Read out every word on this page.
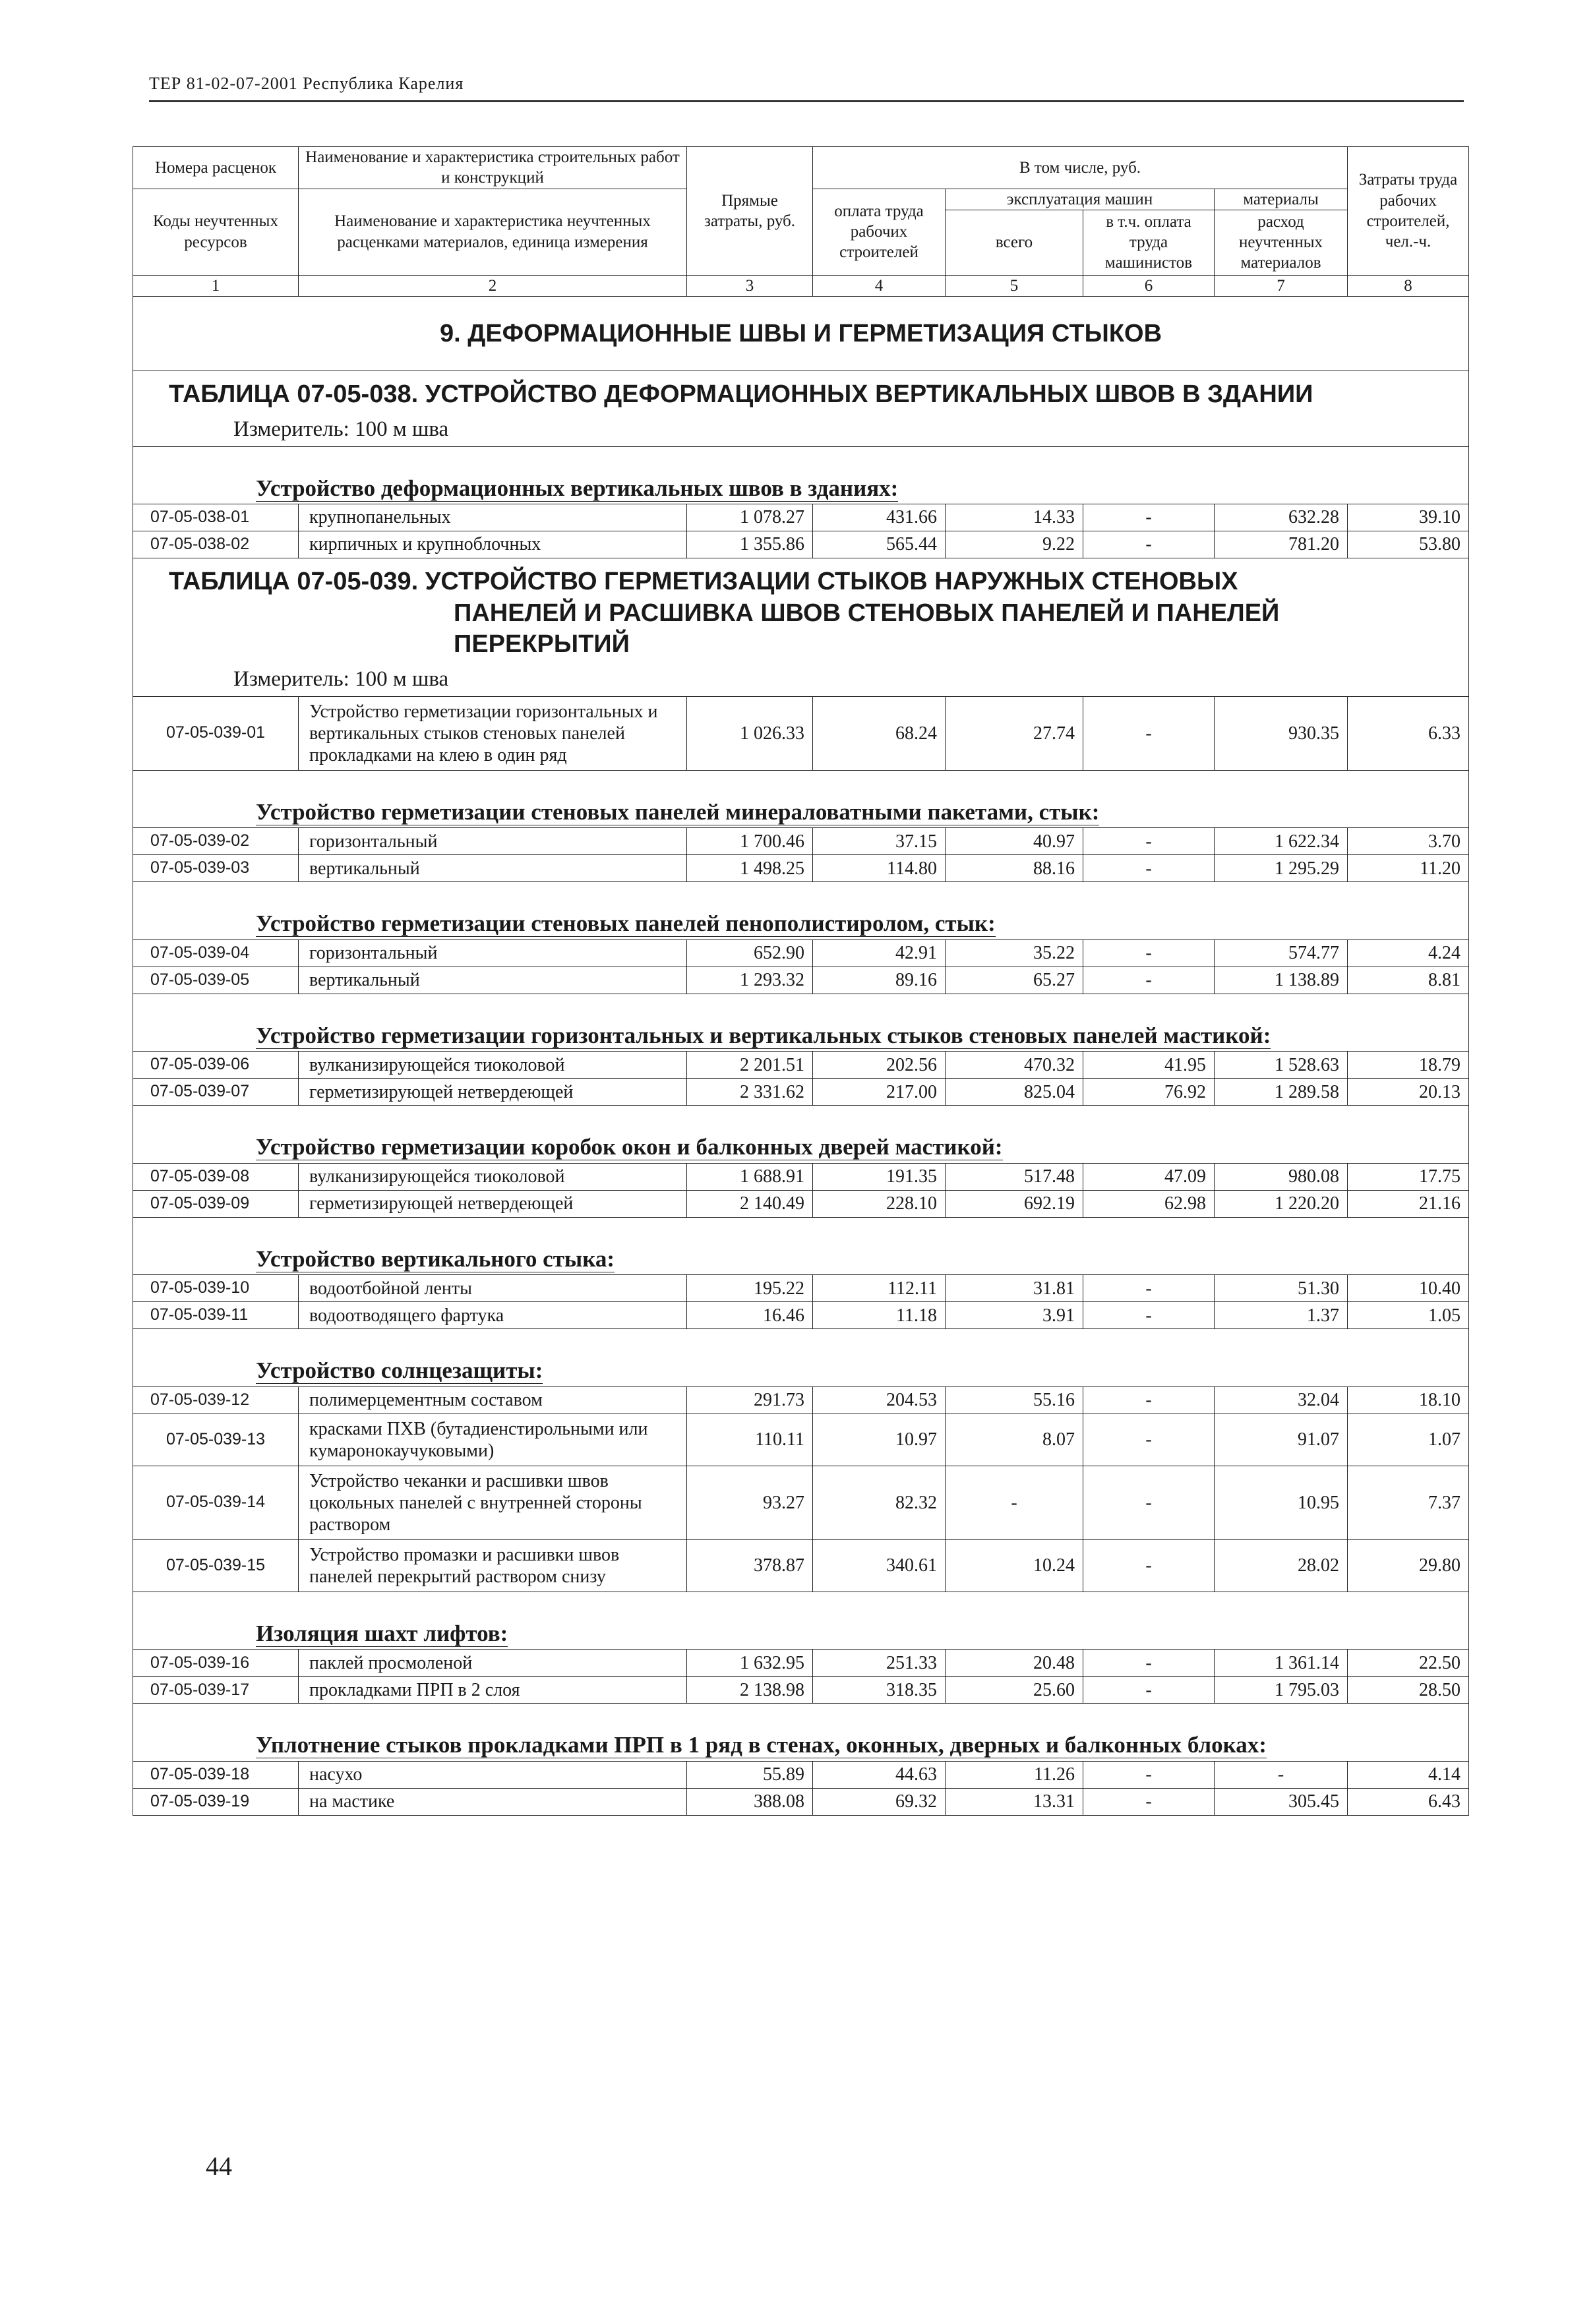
ТЕР 81-02-07-2001 Республика Карелия
Номера расценок	Наименование и характеристика строительных работ и конструкций	Прямые затраты, руб.	В том числе, руб.				Затраты труда рабочих строителей, чел.-ч.
Коды неучтенных ресурсов	Наименование и характеристика неучтенных расценками материалов, единица измерения		оплата труда рабочих строителей	эксплуатация машин		материалы	
				всего	в т.ч. оплата труда машинистов	расход неучтенных материалов	
1	2	3	4	5	6	7	8
9. ДЕФОРМАЦИОННЫЕ ШВЫ И ГЕРМЕТИЗАЦИЯ СТЫКОВ							

ТАБЛИЦА 07-05-038. УСТРОЙСТВО ДЕФОРМАЦИОННЫХ ВЕРТИКАЛЬНЫХ ШВОВ В ЗДАНИИ							

Измеритель: 100 м шва							
Устройство деформационных вертикальных швов в зданиях:							
07-05-038-01	крупнопанельных	1 078.27	431.66	14.33	-	632.28	39.10
07-05-038-02	кирпичных и крупноблочных	1 355.86	565.44	9.22	-	781.20	53.80

ТАБЛИЦА 07-05-039. УСТРОЙСТВО ГЕРМЕТИЗАЦИИ СТЫКОВ НАРУЖНЫХ СТЕНОВЫХ
ПАНЕЛЕЙ И РАСШИВКА ШВОВ СТЕНОВЫХ ПАНЕЛЕЙ И ПАНЕЛЕЙ
ПЕРЕКРЫТИЙ							

Измеритель: 100 м шва							
07-05-039-01	Устройство герметизации горизонтальных и вертикальных стыков стеновых панелей прокладками на клею в один ряд	1 026.33	68.24	27.74	-	930.35	6.33
Устройство герметизации стеновых панелей минераловатными пакетами, стык:							
07-05-039-02	горизонтальный	1 700.46	37.15	40.97	-	1 622.34	3.70
07-05-039-03	вертикальный	1 498.25	114.80	88.16	-	1 295.29	11.20
Устройство герметизации стеновых панелей пенополистиролом, стык:							
07-05-039-04	горизонтальный	652.90	42.91	35.22	-	574.77	4.24
07-05-039-05	вертикальный	1 293.32	89.16	65.27	-	1 138.89	8.81
Устройство герметизации горизонтальных и вертикальных стыков стеновых панелей мастикой:							
07-05-039-06	вулканизирующейся тиоколовой	2 201.51	202.56	470.32	41.95	1 528.63	18.79
07-05-039-07	герметизирующей нетвердеющей	2 331.62	217.00	825.04	76.92	1 289.58	20.13
Устройство герметизации коробок окон и балконных дверей мастикой:							
07-05-039-08	вулканизирующейся тиоколовой	1 688.91	191.35	517.48	47.09	980.08	17.75
07-05-039-09	герметизирующей нетвердеющей	2 140.49	228.10	692.19	62.98	1 220.20	21.16
Устройство вертикального стыка:							
07-05-039-10	водоотбойной ленты	195.22	112.11	31.81	-	51.30	10.40
07-05-039-11	водоотводящего фартука	16.46	11.18	3.91	-	1.37	1.05
Устройство солнцезащиты:							
07-05-039-12	полимерцементным составом	291.73	204.53	55.16	-	32.04	18.10
07-05-039-13	красками ПХВ (бутадиенстирольными или кумаронокаучуковыми)	110.11	10.97	8.07	-	91.07	1.07
07-05-039-14	Устройство чеканки и расшивки швов цокольных панелей с внутренней стороны раствором	93.27	82.32	-	-	10.95	7.37
07-05-039-15	Устройство промазки и расшивки швов панелей перекрытий раствором снизу	378.87	340.61	10.24	-	28.02	29.80
Изоляция шахт лифтов:							
07-05-039-16	паклей просмоленой	1 632.95	251.33	20.48	-	1 361.14	22.50
07-05-039-17	прокладками ПРП в 2 слоя	2 138.98	318.35	25.60	-	1 795.03	28.50
Уплотнение стыков прокладками ПРП в 1 ряд в стенах, оконных, дверных и балконных блоках:							
07-05-039-18	насухо	55.89	44.63	11.26	-	-	4.14
07-05-039-19	на мастике	388.08	69.32	13.31	-	305.45	6.43
44
